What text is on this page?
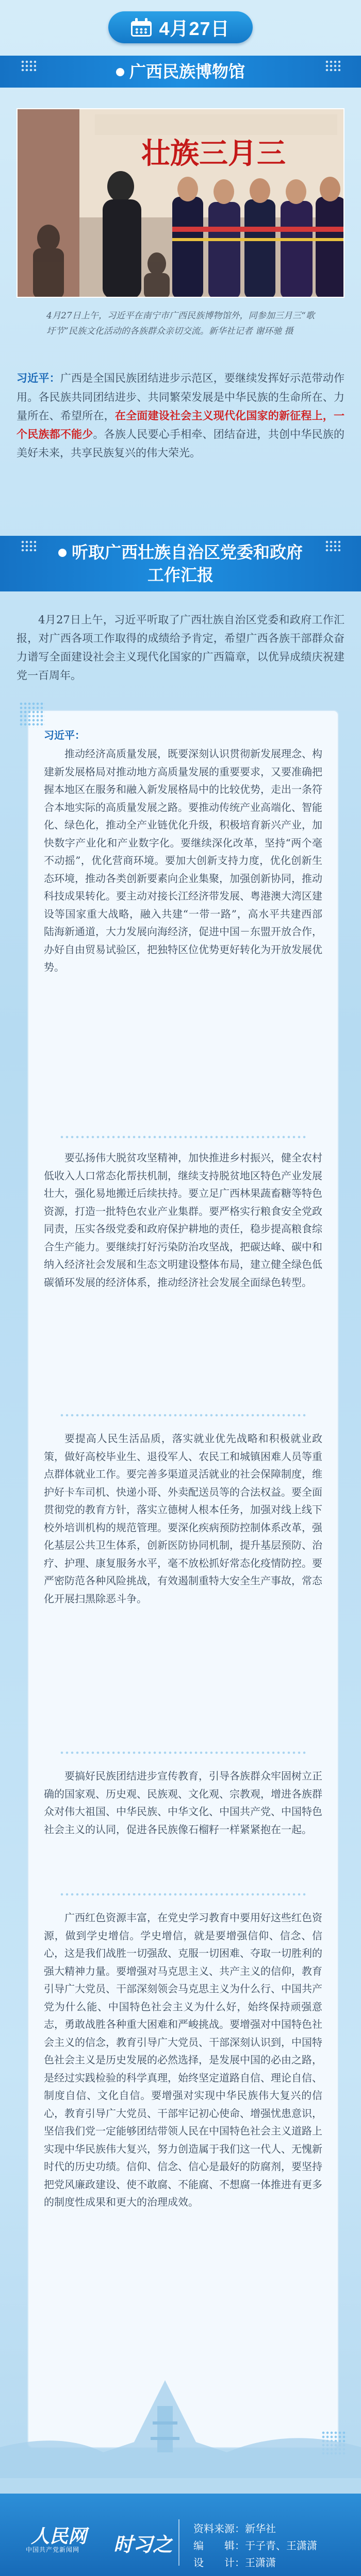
4月27日
广西民族博物馆
壮族三月三
4月27日上午，习近平在南宁市广西民族博物馆外，同参加三月三“歌圩节”民族文化活动的各族群众亲切交流。新华社记者 谢环驰 摄
习近平：广西是全国民族团结进步示范区，要继续发挥好示范带动作用。各民族共同团结进步、共同繁荣发展是中华民族的生命所在、力量所在、希望所在，在全面建设社会主义现代化国家的新征程上，一个民族都不能少。各族人民要心手相牵、团结奋进，共创中华民族的美好未来，共享民族复兴的伟大荣光。
听取广西壮族自治区党委和政府
工作汇报
4月27日上午，习近平听取了广西壮族自治区党委和政府工作汇报，对广西各项工作取得的成绩给予肯定，希望广西各族干部群众奋力谱写全面建设社会主义现代化国家的广西篇章，以优异成绩庆祝建党一百周年。

习近平：

推动经济高质量发展，既要深刻认识贯彻新发展理念、构建新发展格局对推动地方高质量发展的重要要求，又要准确把握本地区在服务和融入新发展格局中的比较优势，走出一条符合本地实际的高质量发展之路。要推动传统产业高端化、智能化、绿色化，推动全产业链优化升级，积极培育新兴产业，加快数字产业化和产业数字化。要继续深化改革，坚持“两个毫不动摇”，优化营商环境。要加大创新支持力度，优化创新生态环境，推动各类创新要素向企业集聚，加强创新协同，推动科技成果转化。要主动对接长江经济带发展、粤港澳大湾区建设等国家重大战略，融入共建“一带一路”，高水平共建西部陆海新通道，大力发展向海经济，促进中国－东盟开放合作，办好自由贸易试验区，把独特区位优势更好转化为开放发展优势。

要弘扬伟大脱贫攻坚精神，加快推进乡村振兴，健全农村低收入人口常态化帮扶机制，继续支持脱贫地区特色产业发展壮大，强化易地搬迁后续扶持。要立足广西林果蔬畜糖等特色资源，打造一批特色农业产业集群。要严格实行粮食安全党政同责，压实各级党委和政府保护耕地的责任，稳步提高粮食综合生产能力。要继续打好污染防治攻坚战，把碳达峰、碳中和纳入经济社会发展和生态文明建设整体布局，建立健全绿色低碳循环发展的经济体系，推动经济社会发展全面绿色转型。

要提高人民生活品质，落实就业优先战略和积极就业政策，做好高校毕业生、退役军人、农民工和城镇困难人员等重点群体就业工作。要完善多渠道灵活就业的社会保障制度，维护好卡车司机、快递小哥、外卖配送员等的合法权益。要全面贯彻党的教育方针，落实立德树人根本任务，加强对线上线下校外培训机构的规范管理。要深化疾病预防控制体系改革，强化基层公共卫生体系，创新医防协同机制，提升基层预防、治疗、护理、康复服务水平，毫不放松抓好常态化疫情防控。要严密防范各种风险挑战，有效遏制重特大安全生产事故，常态化开展扫黑除恶斗争。

要搞好民族团结进步宣传教育，引导各族群众牢固树立正确的国家观、历史观、民族观、文化观、宗教观，增进各族群众对伟大祖国、中华民族、中华文化、中国共产党、中国特色社会主义的认同，促进各民族像石榴籽一样紧紧抱在一起。

广西红色资源丰富，在党史学习教育中要用好这些红色资源，做到学史增信。学史增信，就是要增强信仰、信念、信心，这是我们战胜一切强敌、克服一切困难、夺取一切胜利的强大精神力量。要增强对马克思主义、共产主义的信仰，教育引导广大党员、干部深刻领会马克思主义为什么行、中国共产党为什么能、中国特色社会主义为什么好，始终保持顽强意志，勇敢战胜各种重大困难和严峻挑战。要增强对中国特色社会主义的信念，教育引导广大党员、干部深刻认识到，中国特色社会主义是历史发展的必然选择，是发展中国的必由之路，是经过实践检验的科学真理，始终坚定道路自信、理论自信、制度自信、文化自信。要增强对实现中华民族伟大复兴的信心，教育引导广大党员、干部牢记初心使命、增强忧患意识，坚信我们党一定能够团结带领人民在中国特色社会主义道路上实现中华民族伟大复兴，努力创造属于我们这一代人、无愧新时代的历史功绩。信仰、信念、信心是最好的防腐剂，要坚持把党风廉政建设、使不敢腐、不能腐、不想腐一体推进有更多的制度性成果和更大的治理成效。

人民网
中国共产党新闻网 时习之
资料来源：新华社
编　　辑：于子青、王潇潇
设　　计：王潇潇
